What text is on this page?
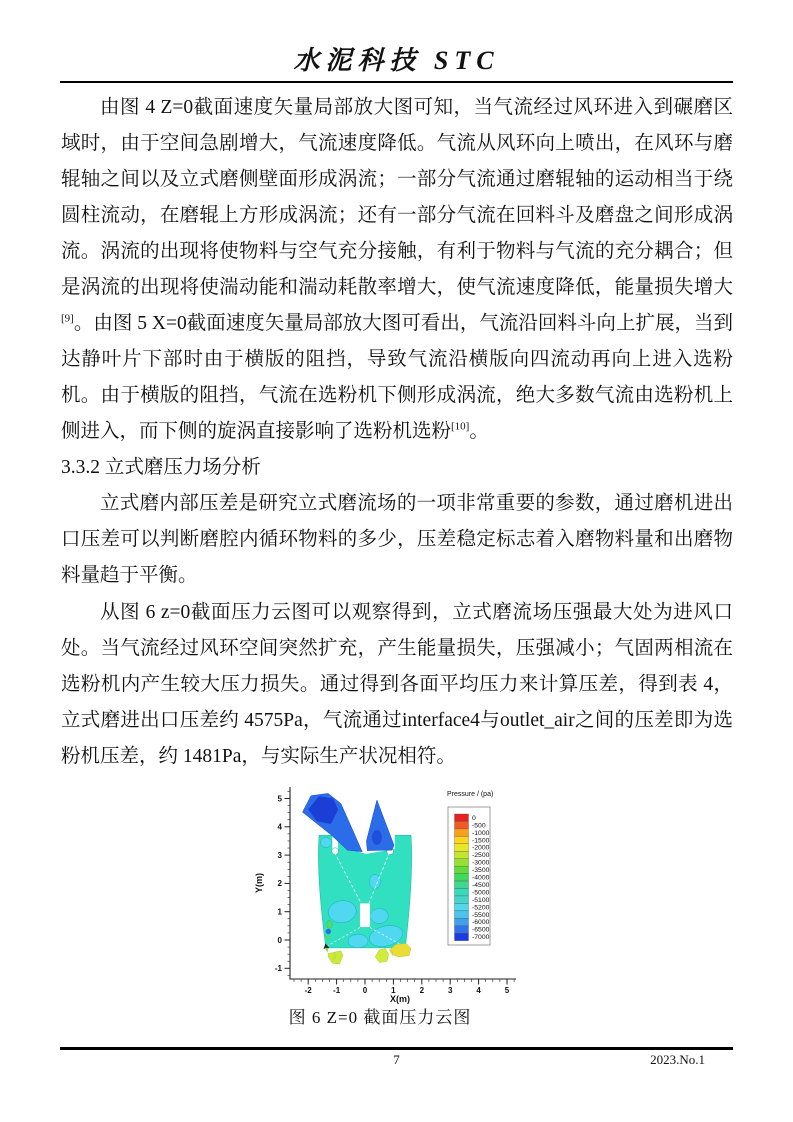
水泥科技 STC

由图 4 Z=0截面速度矢量局部放大图可知，当气流经过风环进入到碾磨区域时，由于空间急剧增大，气流速度降低。气流从风环向上喷出，在风环与磨辊轴之间以及立式磨侧壁面形成涡流；一部分气流通过磨辊轴的运动相当于绕圆柱流动，在磨辊上方形成涡流；还有一部分气流在回料斗及磨盘之间形成涡流。涡流的出现将使物料与空气充分接触，有利于物料与气流的充分耦合；但是涡流的出现将使湍动能和湍动耗散率增大，使气流速度降低，能量损失增大[9]。由图 5 X=0截面速度矢量局部放大图可看出，气流沿回料斗向上扩展，当到达静叶片下部时由于横版的阻挡，导致气流沿横版向四流动再向上进入选粉机。由于横版的阻挡，气流在选粉机下侧形成涡流，绝大多数气流由选粉机上侧进入，而下侧的旋涡直接影响了选粉机选粉[10]。

3.3.2 立式磨压力场分析

立式磨内部压差是研究立式磨流场的一项非常重要的参数，通过磨机进出口压差可以判断磨腔内循环物料的多少，压差稳定标志着入磨物料量和出磨物料量趋于平衡。

从图 6 z=0截面压力云图可以观察得到，立式磨流场压强最大处为进风口处。当气流经过风环空间突然扩充，产生能量损失，压强减小；气固两相流在选粉机内产生较大压力损失。通过得到各面平均压力来计算压差，得到表 4，立式磨进出口压差约 4575Pa，气流通过interface4与outlet_air之间的压差即为选粉机压差，约 1481Pa，与实际生产状况相符。

-2	-1	0	1	2	3	4	5
-1
0
1
2
3
4
5
X(m)
Y(m)
Pressure / (pa)
0
-500
-1000
-1500
-2000
-2500
-3000
-3500
-4000
-4500
-5000
-5100
-5200
-5500
-6000
-6500
-7000
图 6 Z=0 截面压力云图
7	2023.No.1
